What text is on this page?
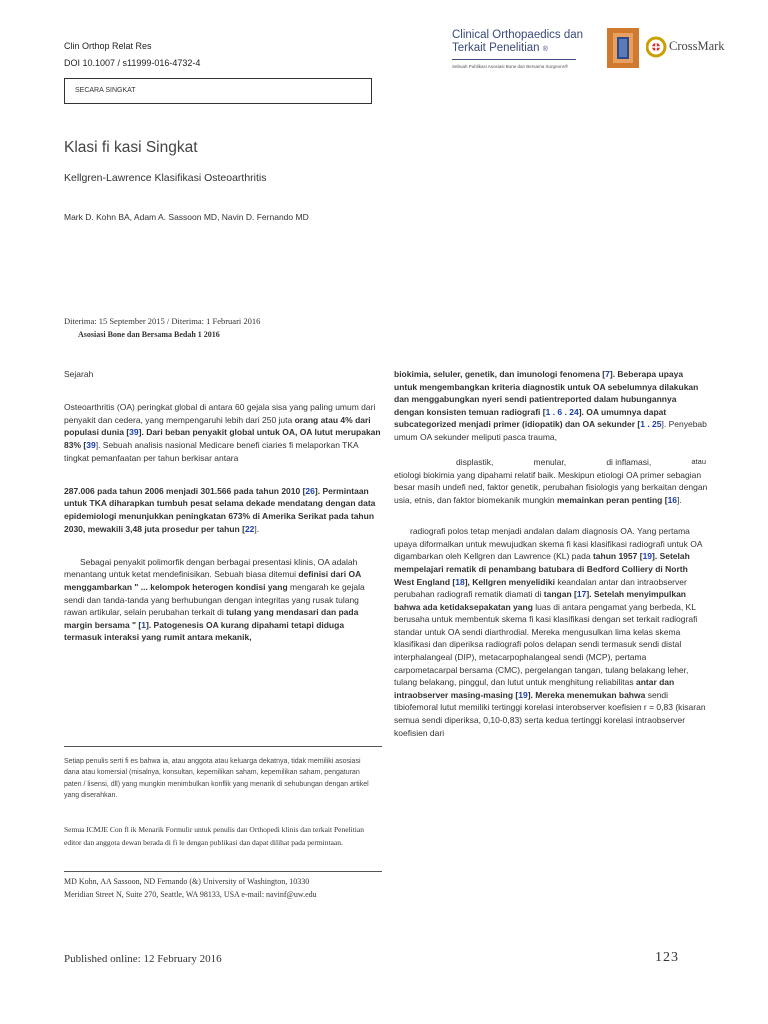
Clin Orthop Relat Res
DOI 10.1007 / s11999-016-4732-4
Clinical Orthopaedics dan
Terkait Penelitian ®
Sebuah Publikasi Asosiasi Bone dan Bersama Surgeons®
CrossMark
SECARA SINGKAT
Klasi fi kasi Singkat
Kellgren-Lawrence Klasifikasi Osteoarthritis
Mark D. Kohn BA, Adam A. Sassoon MD, Navin D. Fernando MD
Diterima: 15 September 2015 / Diterima: 1 Februari 2016
Asosiasi Bone dan Bersama Bedah 1 2016

Sejarah

Osteoarthritis (OA) peringkat global di antara 60 gejala sisa yang paling umum dari penyakit dan cedera, yang mempengaruhi lebih dari 250 juta orang atau 4% dari populasi dunia [39]. Dari beban penyakit global untuk OA, OA lutut merupakan 83% [39]. Sebuah analisis nasional Medicare benefi ciaries fi melaporkan TKA tingkat pemanfaatan per tahun berkisar antara

287.006 pada tahun 2006 menjadi 301.566 pada tahun 2010 [26]. Permintaan untuk TKA diharapkan tumbuh pesat selama dekade mendatang dengan data epidemiologi menunjukkan peningkatan 673% di Amerika Serikat pada tahun 2030, mewakili 3,48 juta prosedur per tahun [22].

Sebagai penyakit polimorfik dengan berbagai presentasi klinis, OA adalah menantang untuk ketat mendefinisikan. Sebuah biasa ditemui definisi dari OA menggambarkan " ... kelompok heterogen kondisi yang mengarah ke gejala sendi dan tanda-tanda yang berhubungan dengan integritas yang rusak tulang rawan artikular, selain perubahan terkait di tulang yang mendasari dan pada margin bersama " [1]. Patogenesis OA kurang dipahami tetapi diduga termasuk interaksi yang rumit antara mekanik,

biokimia, seluler, genetik, dan imunologi fenomena [7]. Beberapa upaya untuk mengembangkan kriteria diagnostik untuk OA sebelumnya dilakukan dan menggabungkan nyeri sendi patientreported dalam hubungannya dengan konsisten temuan radiografi [1 . 6 . 24]. OA umumnya dapat subcategorized menjadi primer (idiopatik) dan OA sekunder [1 . 25]. Penyebab umum OA sekunder meliputi pasca trauma,

displastik,	menular,	di inflamasi,	atau

etiologi biokimia yang dipahami relatif baik. Meskipun etiologi OA primer sebagian besar masih undefi ned, faktor genetik, perubahan fisiologis yang berkaitan dengan usia, etnis, dan faktor biomekanik mungkin memainkan peran penting [16].

radiografi polos tetap menjadi andalan dalam diagnosis OA. Yang pertama upaya diformalkan untuk mewujudkan skema fi kasi klasifikasi radiografi untuk OA digambarkan oleh Kellgren dan Lawrence (KL) pada tahun 1957 [19]. Setelah mempelajari rematik di penambang batubara di Bedford Colliery di North West England [18], Kellgren menyelidiki keandalan antar dan intraobserver perubahan radiografi rematik diamati di tangan [17]. Setelah menyimpulkan bahwa ada ketidaksepakatan yang luas di antara pengamat yang berbeda, KL berusaha untuk membentuk skema fi kasi klasifikasi dengan set terkait radiografi standar untuk OA sendi diarthrodial. Mereka mengusulkan lima kelas skema klasifikasi dan diperiksa radiografi polos delapan sendi termasuk sendi distal interphalangeal (DIP), metacarpophalangeal sendi (MCP), pertama carpometacarpal bersama (CMC), pergelangan tangan, tulang belakang leher, tulang belakang, pinggul, dan lutut untuk menghitung reliabilitas antar dan intraobserver masing-masing [19]. Mereka menemukan bahwa sendi tibiofemoral lutut memiliki tertinggi korelasi interobserver koefisien r = 0,83 (kisaran semua sendi diperiksa, 0,10-0,83) serta kedua tertinggi korelasi intraobserver koefisien dari

Setiap penulis serti fi es bahwa ia, atau anggota atau keluarga dekatnya, tidak memiliki asosiasi dana atau komersial (misalnya, konsultan, kepemilikan saham, kepemilikan saham, pengaturan paten / lisensi, dll) yang mungkin menimbulkan konflik yang menarik di sehubungan dengan artikel yang diserahkan.
Semua ICMJE Con fl ik Menarik Formulir untuk penulis dan Orthopedi klinis dan terkait Penelitian editor dan anggota dewan berada di fi le dengan publikasi dan dapat dilihat pada permintaan.
MD Kohn, AA Sassoon, ND Fernando (&) University of Washington, 10330
Meridian Street N, Suite 270, Seattle, WA 98133, USA e-mail: navinf@uw.edu
Published online: 12 February 2016	123
